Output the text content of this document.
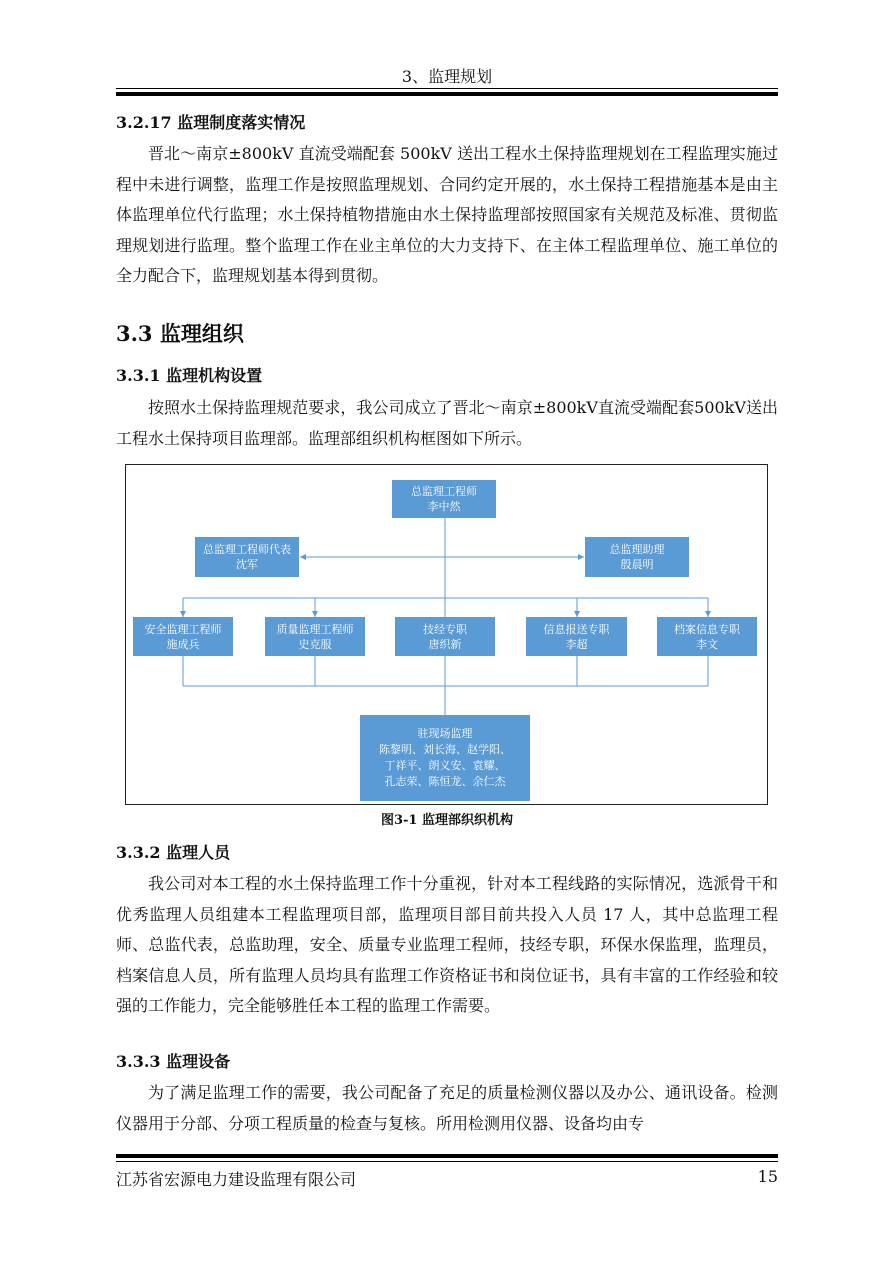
3、监理规划
3.2.17 监理制度落实情况
晋北～南京±800kV 直流受端配套 500kV 送出工程水土保持监理规划在工程监理实施过程中未进行调整，监理工作是按照监理规划、合同约定开展的，水土保持工程措施基本是由主体监理单位代行监理；水土保持植物措施由水土保持监理部按照国家有关规范及标准、贯彻监理规划进行监理。整个监理工作在业主单位的大力支持下、在主体工程监理单位、施工单位的全力配合下，监理规划基本得到贯彻。
3.3 监理组织
3.3.1 监理机构设置
按照水土保持监理规范要求，我公司成立了晋北～南京±800kV直流受端配套500kV送出工程水土保持项目监理部。监理部组织机构框图如下所示。
总监理工程师
李中然
总监理工程师代表
沈军
总监理助理
殷晨明
安全监理工程师
施成兵
质量监理工程师
史克服
技经专职
唐织新
信息报送专职
李超
档案信息专职
李文
驻现场监理
陈黎明、刘长海、赵学阳、
丁祥平、朗义安、袁耀、
孔志荣、陈恒龙、余仁杰
图3-1 监理部织织机构
3.3.2 监理人员
我公司对本工程的水土保持监理工作十分重视，针对本工程线路的实际情况，选派骨干和优秀监理人员组建本工程监理项目部，监理项目部目前共投入人员 17 人，其中总监理工程师、总监代表，总监助理，安全、质量专业监理工程师，技经专职，环保水保监理，监理员，档案信息人员，所有监理人员均具有监理工作资格证书和岗位证书，具有丰富的工作经验和较强的工作能力，完全能够胜任本工程的监理工作需要。
3.3.3 监理设备
为了满足监理工作的需要，我公司配备了充足的质量检测仪器以及办公、通讯设备。检测仪器用于分部、分项工程质量的检查与复核。所用检测用仪器、设备均由专
江苏省宏源电力建设监理有限公司	15
